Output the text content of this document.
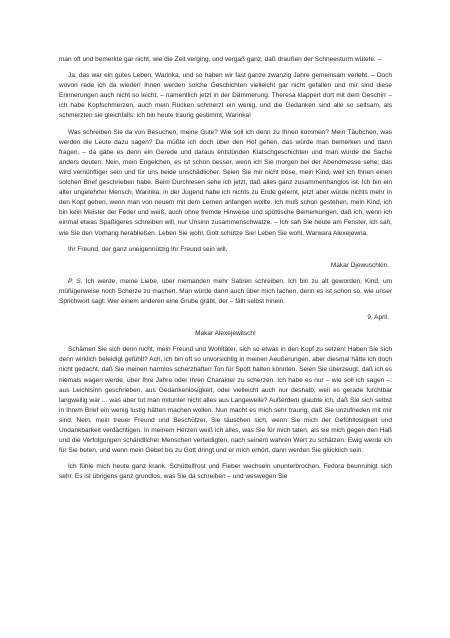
man oft und bemerkte gar nicht, wie die Zeit verging, und vergaß ganz, daß draußen der Schneesturm wütete. –

Ja, das war ein gutes Leben, Warinka, und so haben wir fast ganze zwanzig Jahre gemeinsam verlebt. – Doch wovon rede ich da wieder! Ihnen werden solche Geschichten vielleicht gar nicht gefallen und mir sind diese Erinnerungen auch nicht so leicht, – namentlich jetzt in der Dämmerung. Theresa klappert dort mit dem Geschirr – ich habe Kopfschmerzen, auch mein Rücken schmerzt ein wenig, und die Gedanken sind alle so seltsam, als schmerzten sie gleichfalls: ich bin heute traurig gestimmt, Warinka!

Was schreiben Sie da von Besuchen, meine Gute? Wie soll ich denn zu Ihnen kommen? Mein Täubchen, was werden die Leute dazu sagen? Da müßte ich doch über den Hof gehen, das würde man bemerken und dann fragen, – da gäbe es denn ein Gerede und daraus entstünden Klatschgeschichten und man würde die Sache anders deuten. Nein, mein Engelchen, es ist schon besser, wenn ich Sie morgen bei der Abendmesse sehe; das wird vernünftiger sein und für uns beide unschädlicher. Seien Sie mir nicht böse, mein Kind, weil ich Ihnen einen solchen Brief geschrieben habe. Beim Durchlesen sehe ich jetzt, daß alles ganz zusammenhanglos ist. Ich bin ein alter ungelehrter Mensch, Warinka; in der Jugend habe ich nichts zu Ende gelernt, jetzt aber würde nichts mehr in den Kopf gehen, wenn man von neuem mit dem Lernen anfangen wollte. Ich muß schon gestehen, mein Kind, ich bin kein Meister der Feder und weiß, auch ohne fremde Hinweise und spöttische Bemerkungen, daß ich, wenn ich einmal etwas Spaßigeres schreiben will, nur Unsinn zusammenschwatze. – Ich sah Sie heute am Fenster, ich sah, wie Sie den Vorhang herabließen. Leben Sie wohl, Gott schütze Sie! Leben Sie wohl, Warwara Alexejewna.

Ihr Freund, der ganz uneigennützig Ihr Freund sein will,

Makar Djewuschkin.

P. S. Ich werde, meine Liebe, über niemanden mehr Satiren schreiben. Ich bin zu alt geworden, Kind, um müßigerweise noch Scherze zu machen. Man würde dann auch über mich lachen, denn es ist schon so, wie unser Sprichwort sagt: Wer einem anderen eine Grube gräbt, der – fällt selbst hinein.

9. April.

Makar Alexejewitsch!

Schämen Sie sich denn nicht, mein Freund und Wohltäter, sich so etwas in den Kopf zu setzen! Haben Sie sich denn wirklich beleidigt gefühlt? Ach, ich bin oft so unvorsichtig in meinen Aeußerungen, aber diesmal hätte ich doch nicht gedacht, daß Sie meinen harmlos scherzhaften Ton für Spott halten könnten. Seien Sie überzeugt, daß ich es niemals wagen werde, über Ihre Jahre oder Ihren Charakter zu scherzen. Ich habe es nur – wie soll ich sagen –: aus Leichtsinn geschrieben, aus Gedankenlosigkeit, oder vielleicht auch nur deshalb, weil es gerade furchtbar langweilig war ... was aber tut man mitunter nicht alles aus Langeweile? Außerdem glaubte ich, daß Sie sich selbst in Ihrem Brief ein wenig lustig hätten machen wollen. Nun macht es mich sehr traurig, daß Sie unzufrieden mit mir sind. Nein, mein treuer Freund und Beschützer, Sie täuschen sich, wenn Sie mich der Gefühllosigkeit und Undankbarkeit verdächtigen. In meinem Herzen weiß ich alles, was Sie für mich taten, als sie mich gegen den Haß und die Verfolgungen schändlicher Menschen verteidigten, nach seinem wahren Wert zu schätzen. Ewig werde ich für Sie beten, und wenn mein Gebet bis zu Gott dringt und er mich erhört, dann werden Sie glücklich sein.

Ich fühle mich heute ganz krank. Schüttelfrost und Fieber wechseln ununterbrochen. Fedora beunruhigt sich sehr. Es ist übrigens ganz grundlos, was Sie da schreiben – und weswegen Sie
